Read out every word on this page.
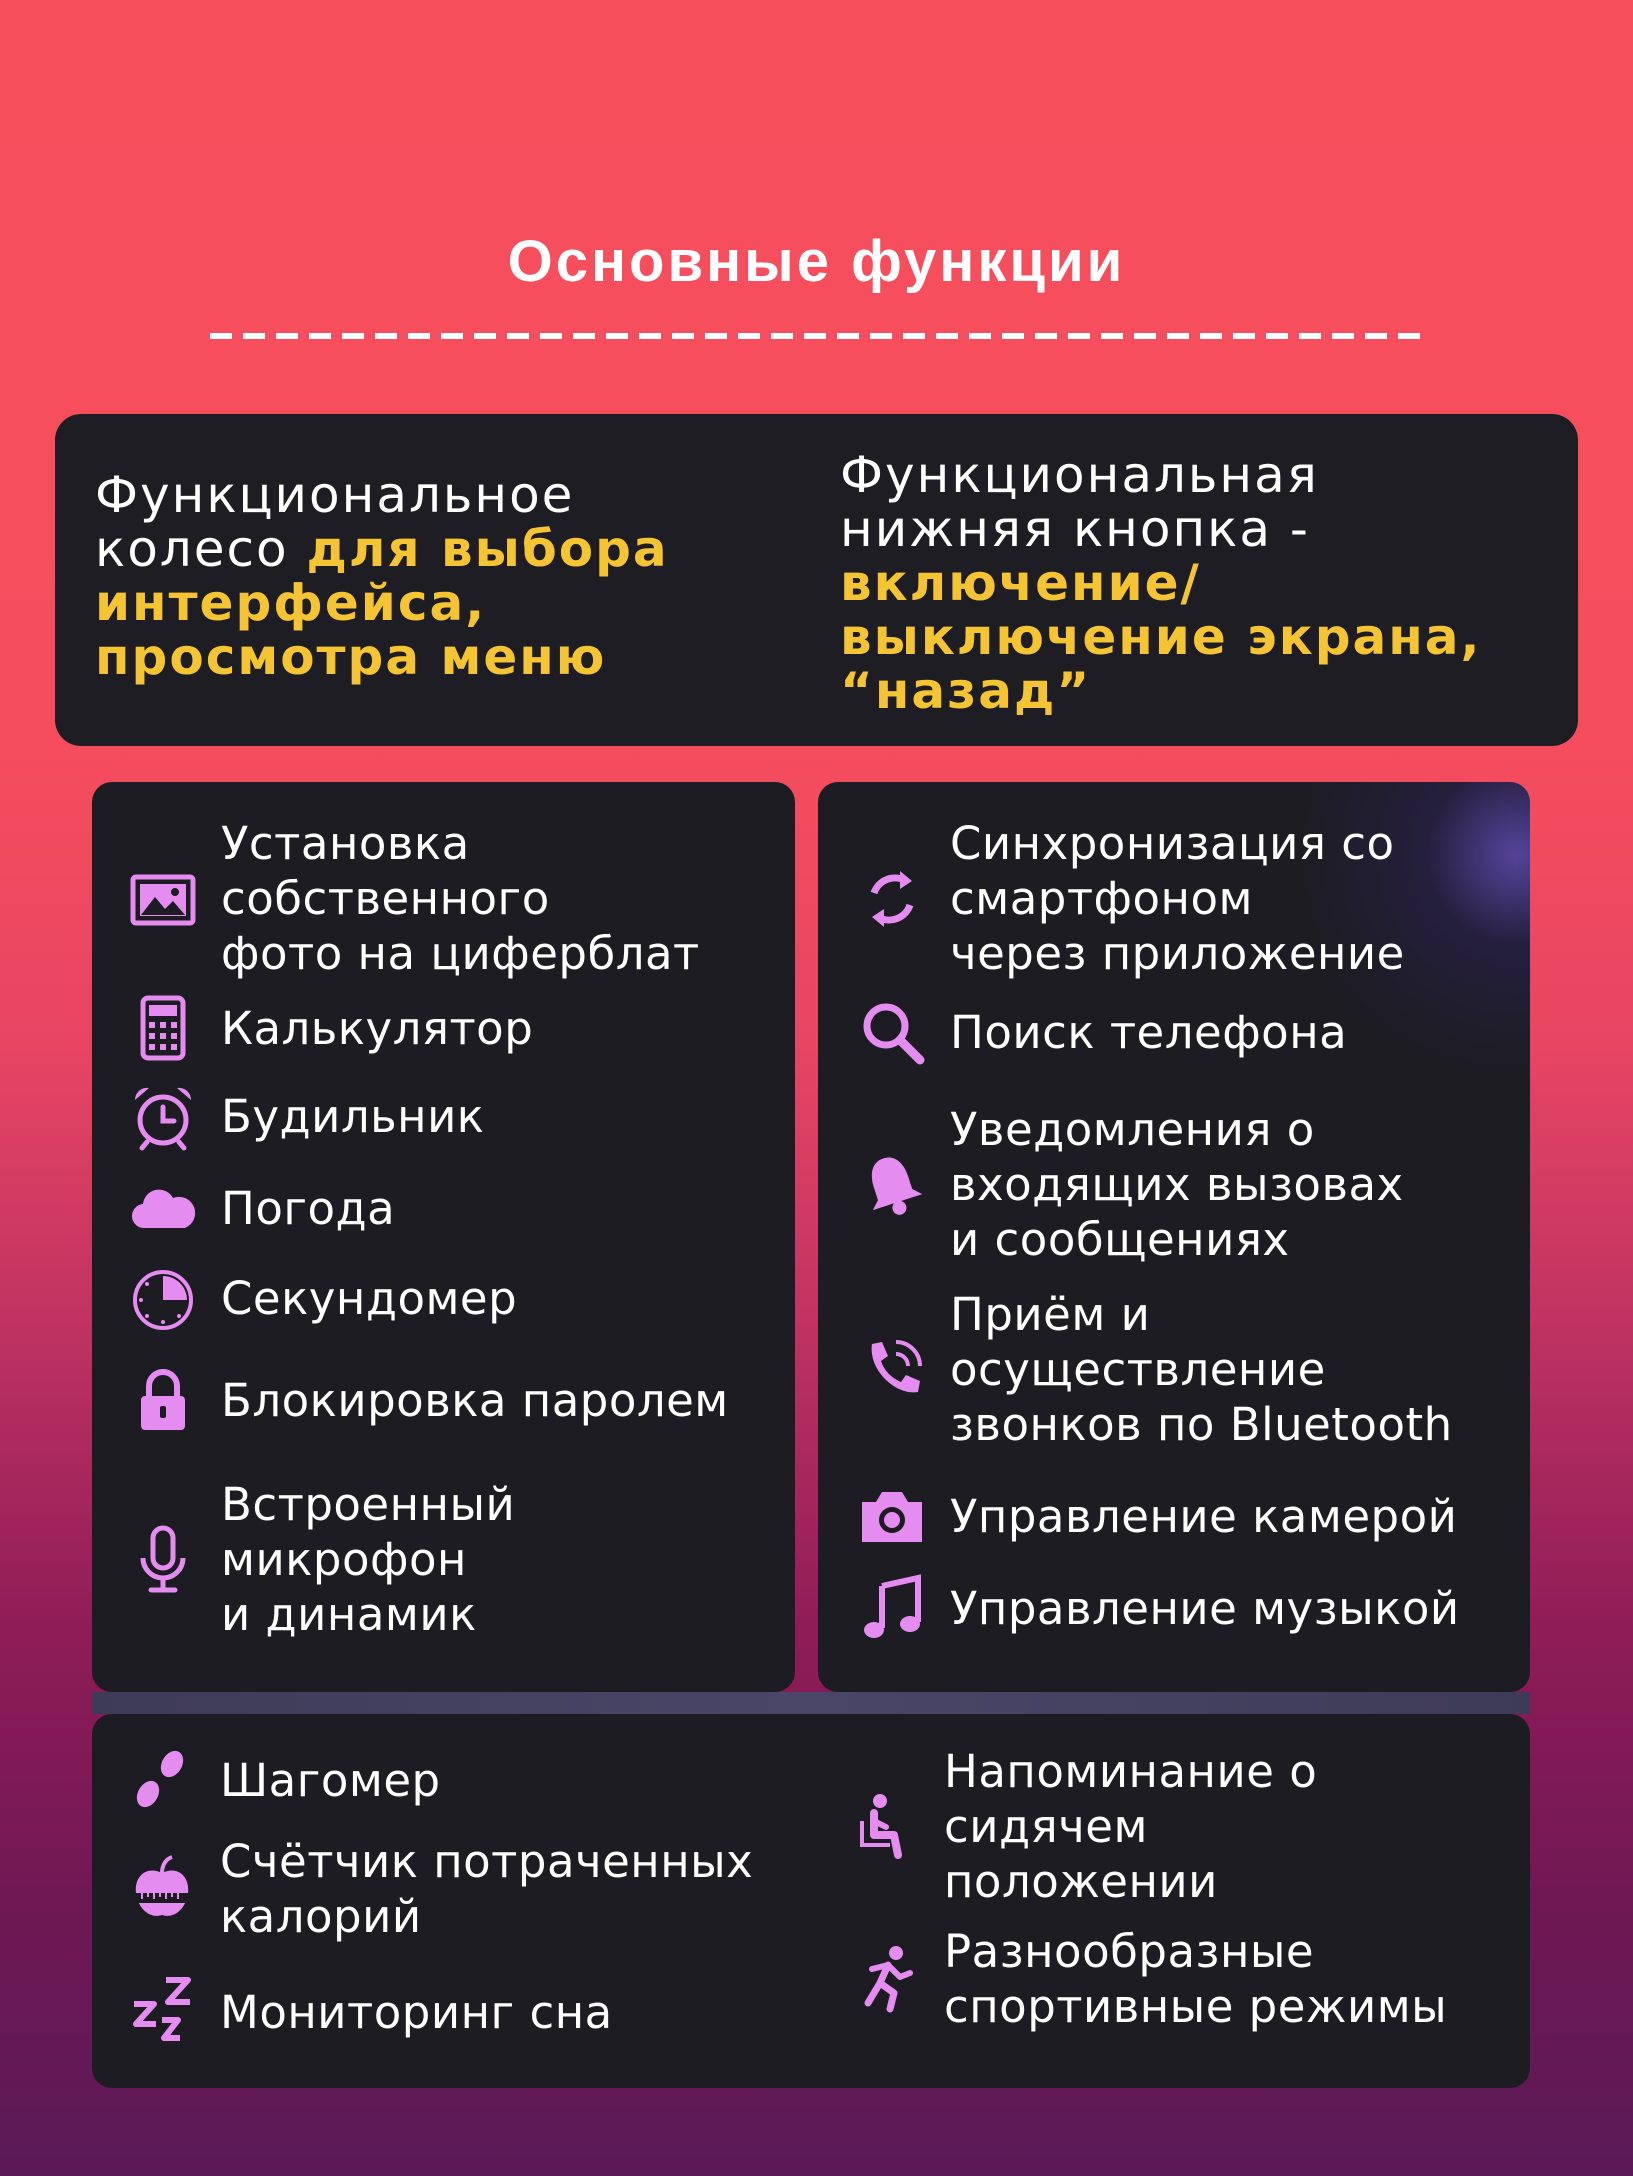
Основные функции
Функциональное
колесо для выбора
интерфейса,
просмотра меню
Функциональная
нижняя кнопка - включение/
выключение экрана,
“назад”
Установка
собственного
фото на циферблат
Калькулятор
Будильник
Погода
Секундомер
Блокировка паролем
Встроенный
микрофон
и динамик
Синхронизация со
смартфоном
через приложение
Поиск телефона
Уведомления о
входящих вызовах
и сообщениях
Приём и
осуществление
звонков по Bluetooth
Управление камерой
Управление музыкой
Шагомер
Счётчик потраченных
калорий
Мониторинг сна
Напоминание о
сидячем
положении
Разнообразные
спортивные режимы
